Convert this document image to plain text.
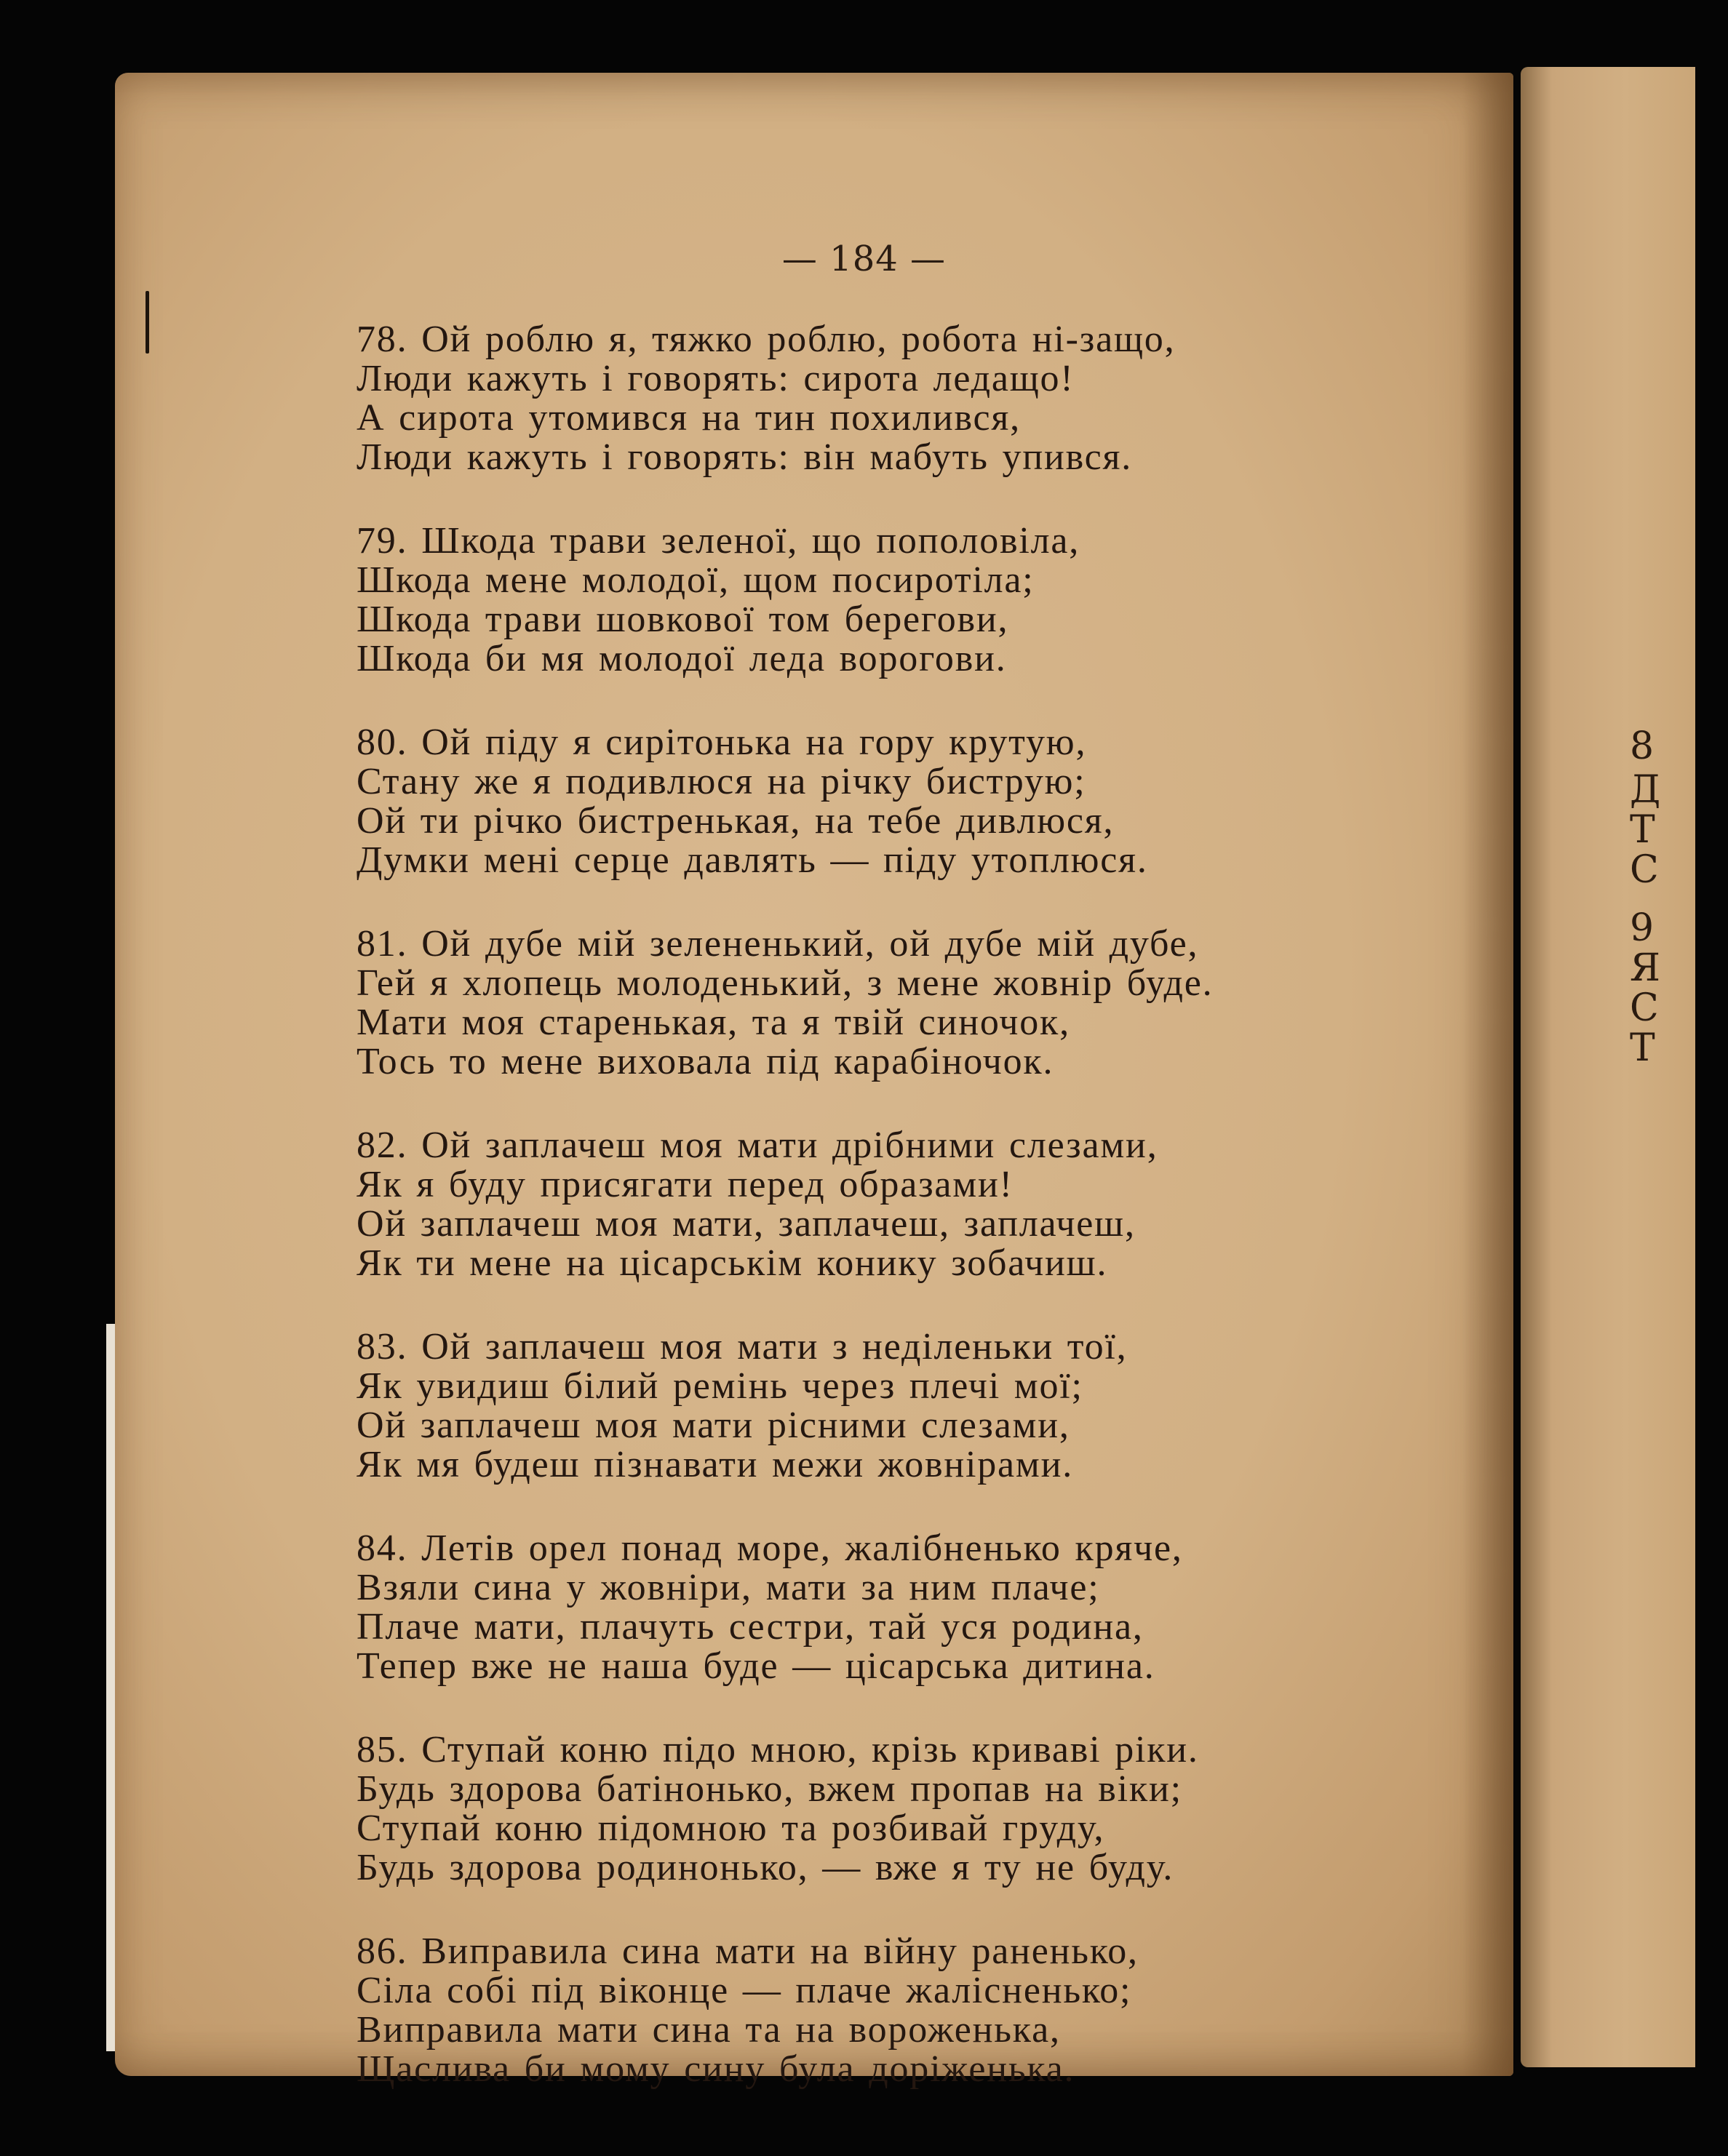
8
Д
Т
С
9
Я
С
Т
— 184 —
78. Ой роблю я, тяжко роблю, робота ні-защо,
Люди кажуть і говорять: сирота ледащо!
А сирота утомився на тин похилився,
Люди кажуть і говорять: він мабуть упився.
79. Шкода трави зеленої, що пополовіла,
Шкода мене молодої, щом посиротіла;
Шкода трави шовкової том берегови,
Шкода би мя молодої леда ворогови.
80. Ой піду я сирітонька на гору крутую,
Стану же я подивлюся на річку биструю;
Ой ти річко бистренькая, на тебе дивлюся,
Думки мені серце давлять — піду утоплюся.
81. Ой дубе мій зелененький, ой дубе мій дубе,
Гей я хлопець молоденький, з мене жовнір буде.
Мати моя старенькая, та я твій синочок,
Тось то мене виховала під карабіночок.
82. Ой заплачеш моя мати дрібними слезами,
Як я буду присягати перед образами!
Ой заплачеш моя мати, заплачеш, заплачеш,
Як ти мене на цісарськім конику зобачиш.
83. Ой заплачеш моя мати з неділеньки тої,
Як увидиш білий ремінь через плечі мої;
Ой заплачеш моя мати рісними слезами,
Як мя будеш пізнавати межи жовнірами.
84. Летів орел понад море, жалібненько кряче,
Взяли сина у жовніри, мати за ним плаче;
Плаче мати, плачуть сестри, тай уся родина,
Тепер вже не наша буде — цісарська дитина.
85. Ступай коню підо мною, крізь криваві ріки.
Будь здорова батінонько, вжем пропав на віки;
Ступай коню підомною та розбивай груду,
Будь здорова родинонько, — вже я ту не буду.
86. Виправила сина мати на війну раненько,
Сіла собі під віконце — плаче жалісненько;
Виправила мати сина та на вороженька,
Щаслива би мому сину була доріженька.
